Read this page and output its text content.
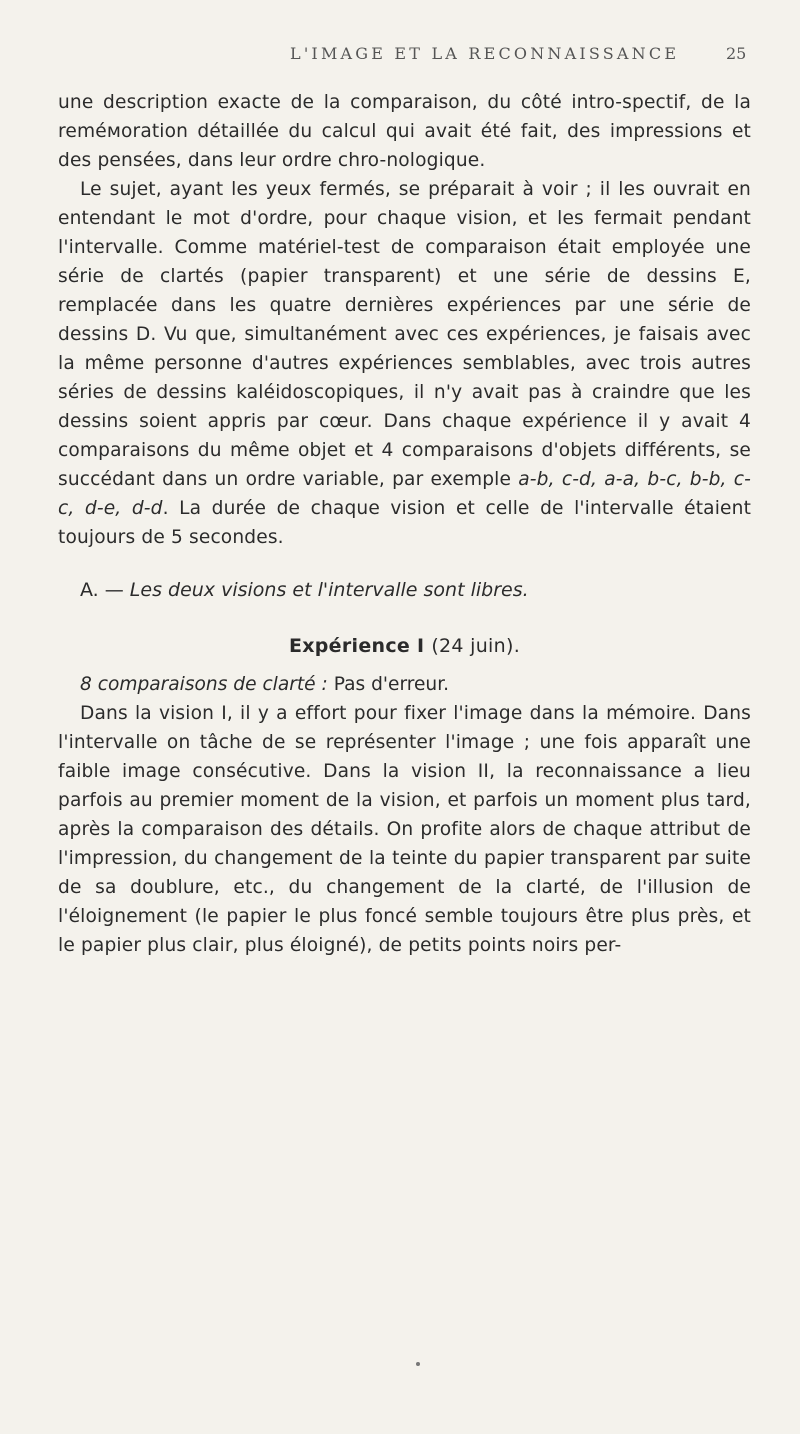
L'IMAGE ET LA RECONNAISSANCE	25

une description exacte de la comparaison, du côté intro-spectif, de la reméмoration détaillée du calcul qui avait été fait, des impressions et des pensées, dans leur ordre chro-nologique.

Le sujet, ayant les yeux fermés, se préparait à voir ; il les ouvrait en entendant le mot d'ordre, pour chaque vision, et les fermait pendant l'intervalle. Comme matériel-test de comparaison était employée une série de clartés (papier transparent) et une série de dessins E, remplacée dans les quatre dernières expériences par une série de dessins D. Vu que, simultanément avec ces expériences, je faisais avec la même personne d'autres expériences semblables, avec trois autres séries de dessins kaléidoscopiques, il n'y avait pas à craindre que les dessins soient appris par cœur. Dans chaque expérience il y avait 4 comparaisons du même objet et 4 comparaisons d'objets différents, se succédant dans un ordre variable, par exemple a-b, c-d, a-a, b-c, b-b, c-c, d-e, d-d. La durée de chaque vision et celle de l'intervalle étaient toujours de 5 secondes.

A. — Les deux visions et l'intervalle sont libres.

Expérience I (24 juin).

8 comparaisons de clarté : Pas d'erreur.

Dans la vision I, il y a effort pour fixer l'image dans la mémoire. Dans l'intervalle on tâche de se représenter l'image ; une fois apparaît une faible image consécutive. Dans la vision II, la reconnaissance a lieu parfois au premier moment de la vision, et parfois un moment plus tard, après la comparaison des détails. On profite alors de chaque attribut de l'impression, du changement de la teinte du papier transparent par suite de sa doublure, etc., du changement de la clarté, de l'illusion de l'éloignement (le papier le plus foncé semble toujours être plus près, et le papier plus clair, plus éloigné), de petits points noirs per-
